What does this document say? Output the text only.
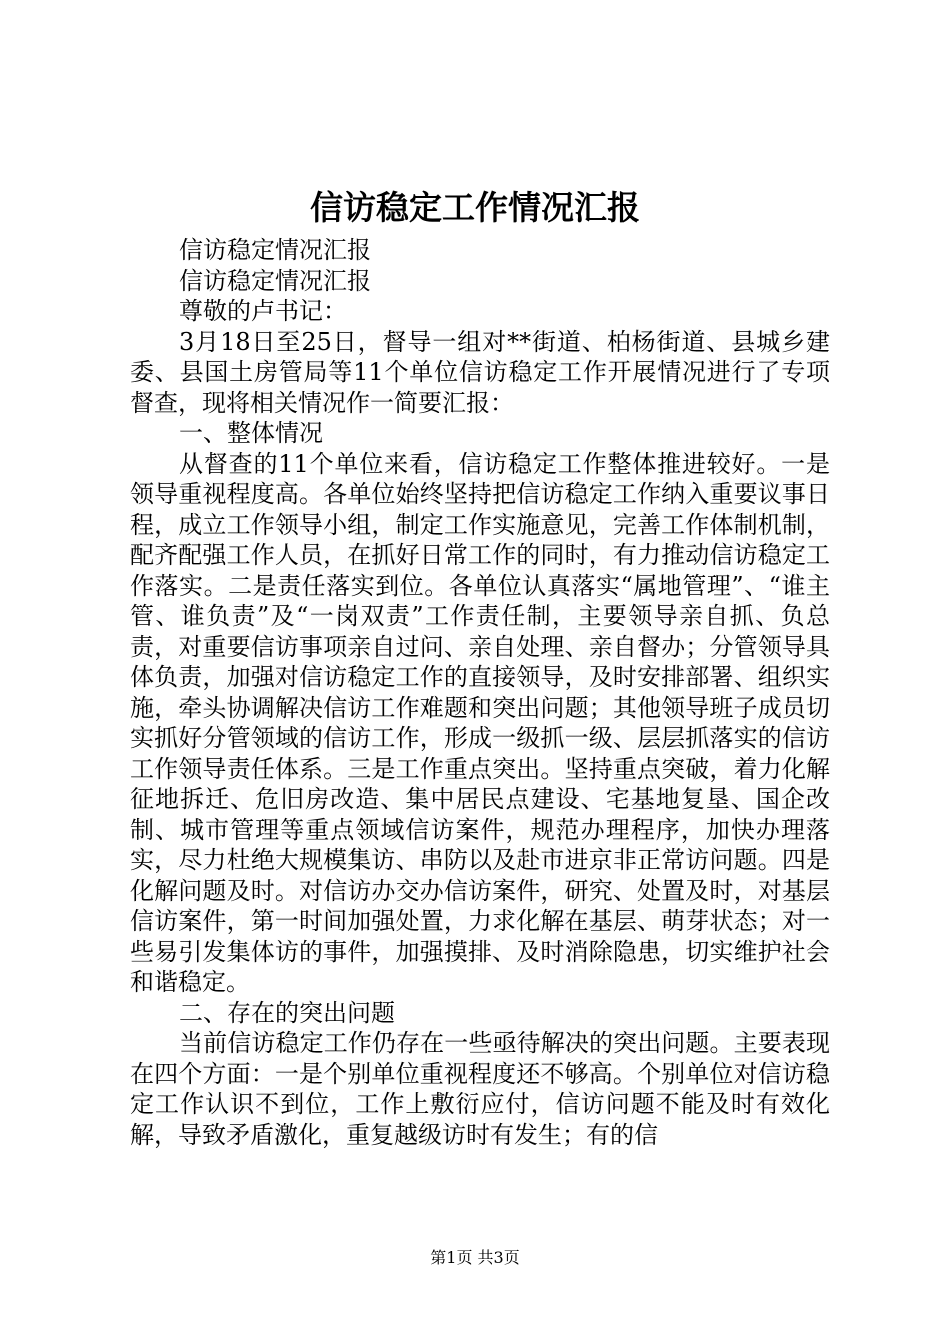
信访稳定工作情况汇报

信访稳定情况汇报

信访稳定情况汇报

尊敬的卢书记：

3月18日至25日，督导一组对**街道、柏杨街道、县城乡建委、县国土房管局等11个单位信访稳定工作开展情况进行了专项督查，现将相关情况作一简要汇报：

一、整体情况

从督查的11个单位来看，信访稳定工作整体推进较好。一是领导重视程度高。各单位始终坚持把信访稳定工作纳入重要议事日程，成立工作领导小组，制定工作实施意见，完善工作体制机制，配齐配强工作人员，在抓好日常工作的同时，有力推动信访稳定工作落实。二是责任落实到位。各单位认真落实“属地管理”、“谁主管、谁负责”及“一岗双责”工作责任制，主要领导亲自抓、负总责，对重要信访事项亲自过问、亲自处理、亲自督办；分管领导具体负责，加强对信访稳定工作的直接领导，及时安排部署、组织实施，牵头协调解决信访工作难题和突出问题；其他领导班子成员切实抓好分管领域的信访工作，形成一级抓一级、层层抓落实的信访工作领导责任体系。三是工作重点突出。坚持重点突破，着力化解征地拆迁、危旧房改造、集中居民点建设、宅基地复垦、国企改制、城市管理等重点领域信访案件，规范办理程序，加快办理落实，尽力杜绝大规模集访、串防以及赴市进京非正常访问题。四是化解问题及时。对信访办交办信访案件，研究、处置及时，对基层信访案件，第一时间加强处置，力求化解在基层、萌芽状态；对一些易引发集体访的事件，加强摸排、及时消除隐患，切实维护社会和谐稳定。

二、存在的突出问题

当前信访稳定工作仍存在一些亟待解决的突出问题。主要表现在四个方面：一是个别单位重视程度还不够高。个别单位对信访稳定工作认识不到位，工作上敷衍应付，信访问题不能及时有效化解，导致矛盾激化，重复越级访时有发生；有的信

第1页 共3页
